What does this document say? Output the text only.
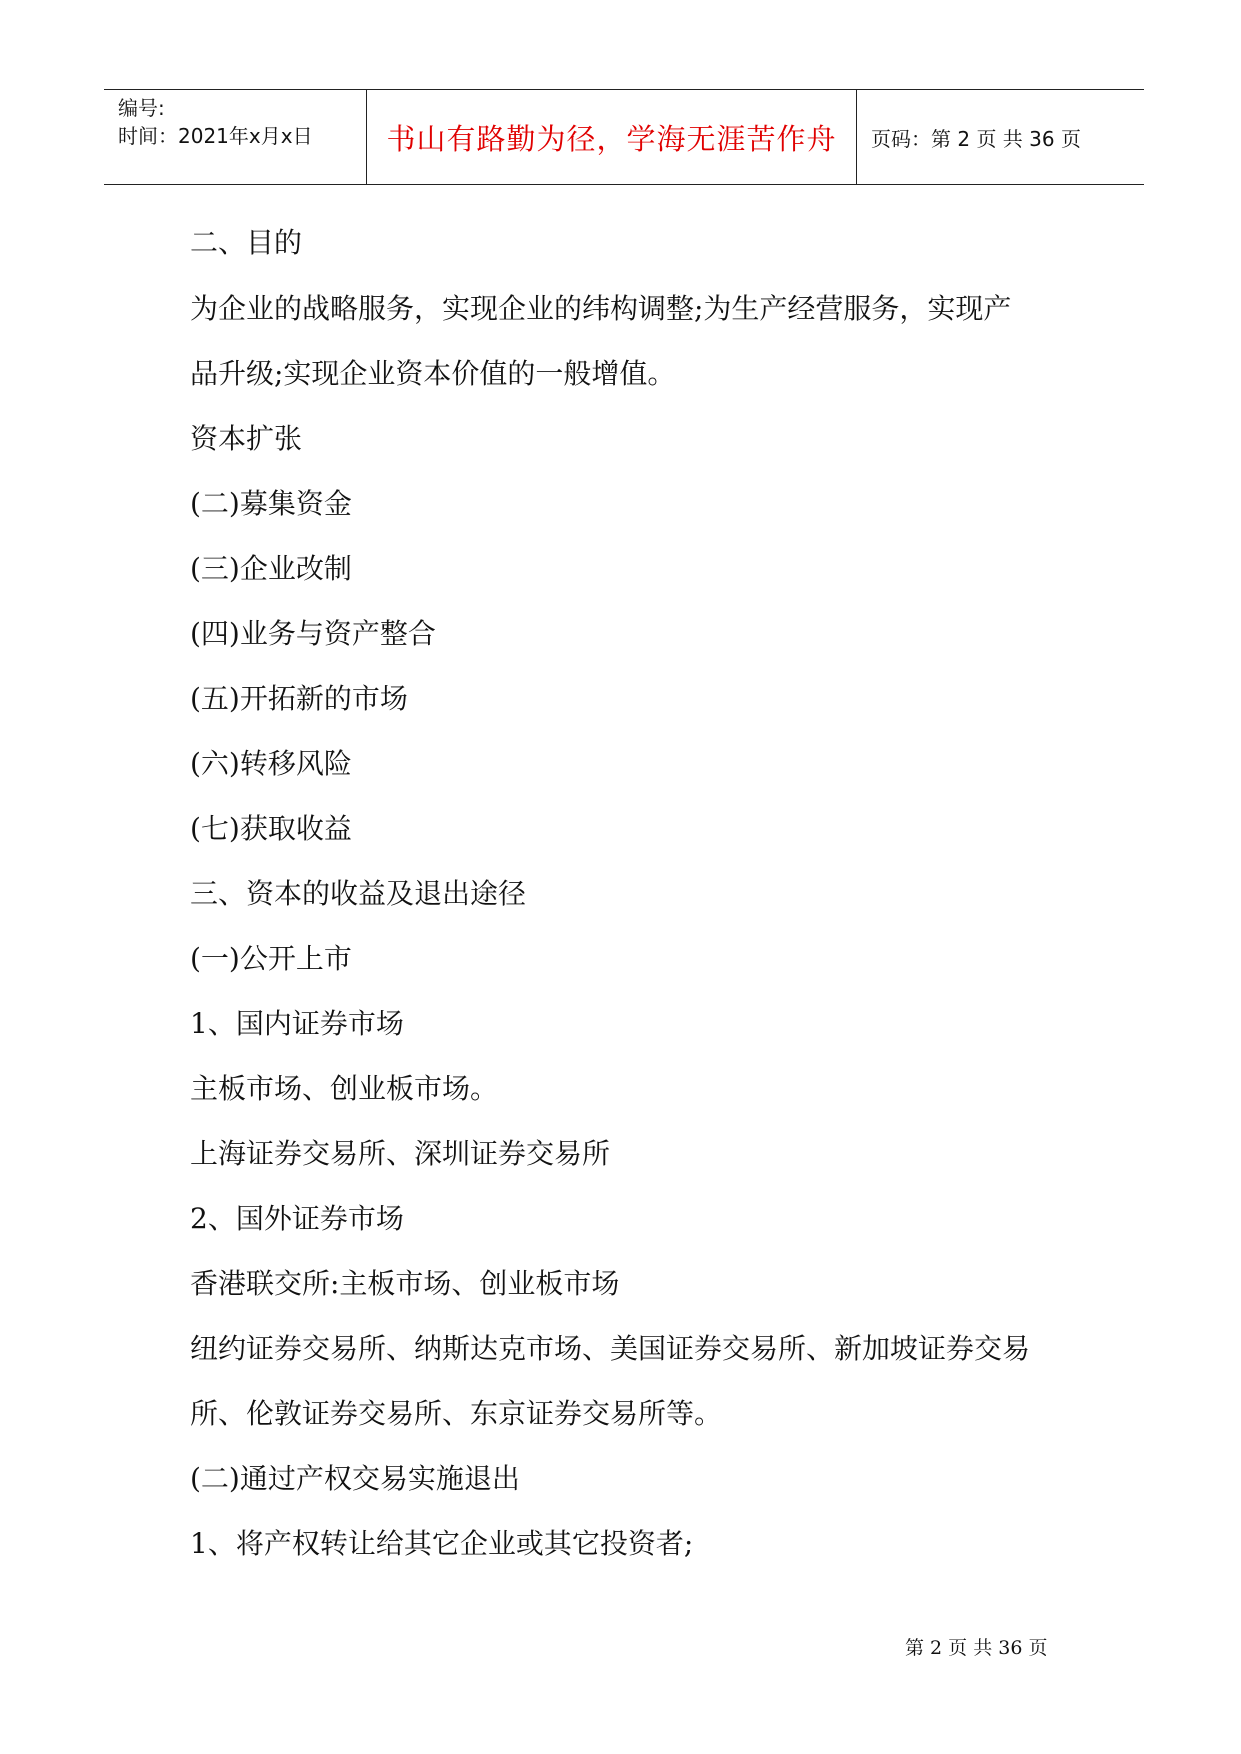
编号:
时间：2021年x月x日	书山有路勤为径，学海无涯苦作舟 页码：第 2 页 共 36 页
二、目的
为企业的战略服务，实现企业的纬构调整;为生产经营服务，实现产
品升级;实现企业资本价值的一般增值。
资本扩张
(二)募集资金
(三)企业改制
(四)业务与资产整合
(五)开拓新的市场
(六)转移风险
(七)获取收益
三、资本的收益及退出途径
(一)公开上市
1、国内证券市场
主板市场、创业板市场。
上海证券交易所、深圳证券交易所
2、国外证券市场
香港联交所:主板市场、创业板市场
纽约证券交易所、纳斯达克市场、美国证券交易所、新加坡证券交易
所、伦敦证券交易所、东京证券交易所等。
(二)通过产权交易实施退出
1、将产权转让给其它企业或其它投资者;
第 2 页 共 36 页
